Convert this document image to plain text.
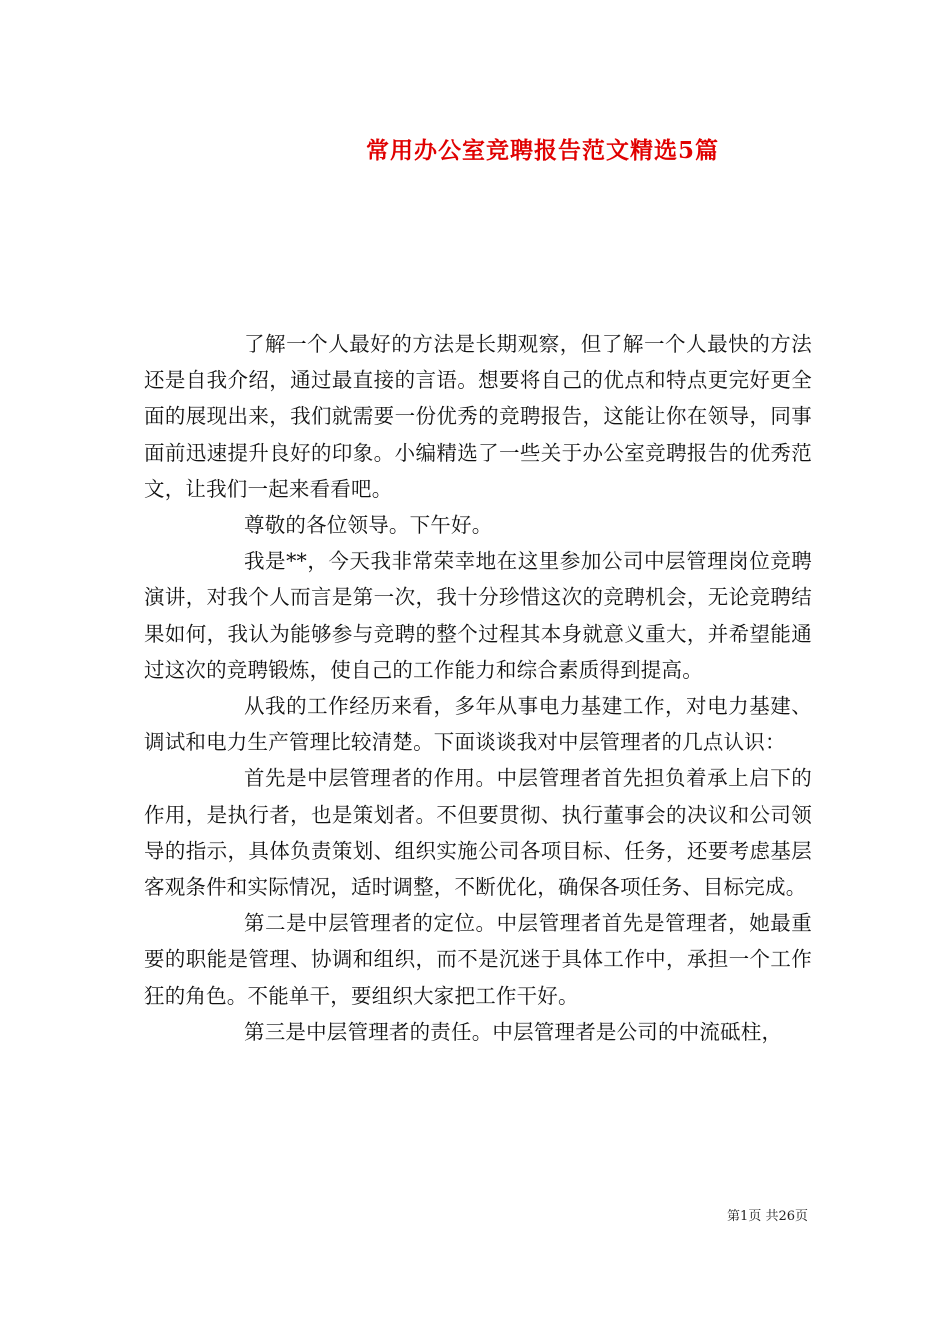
常用办公室竞聘报告范文精选5篇

了解一个人最好的方法是长期观察，但了解一个人最快的方法还是自我介绍，通过最直接的言语。想要将自己的优点和特点更完好更全面的展现出来，我们就需要一份优秀的竞聘报告，这能让你在领导，同事面前迅速提升良好的印象。小编精选了一些关于办公室竞聘报告的优秀范文，让我们一起来看看吧。

尊敬的各位领导。下午好。

我是**，今天我非常荣幸地在这里参加公司中层管理岗位竞聘演讲，对我个人而言是第一次，我十分珍惜这次的竞聘机会，无论竞聘结果如何，我认为能够参与竞聘的整个过程其本身就意义重大，并希望能通过这次的竞聘锻炼，使自己的工作能力和综合素质得到提高。

从我的工作经历来看，多年从事电力基建工作，对电力基建、调试和电力生产管理比较清楚。下面谈谈我对中层管理者的几点认识：

首先是中层管理者的作用。中层管理者首先担负着承上启下的作用，是执行者，也是策划者。不但要贯彻、执行董事会的决议和公司领导的指示，具体负责策划、组织实施公司各项目标、任务，还要考虑基层客观条件和实际情况，适时调整，不断优化，确保各项任务、目标完成。

第二是中层管理者的定位。中层管理者首先是管理者，她最重要的职能是管理、协调和组织，而不是沉迷于具体工作中，承担一个工作狂的角色。不能单干，要组织大家把工作干好。

第三是中层管理者的责任。中层管理者是公司的中流砥柱，

第1页 共26页
